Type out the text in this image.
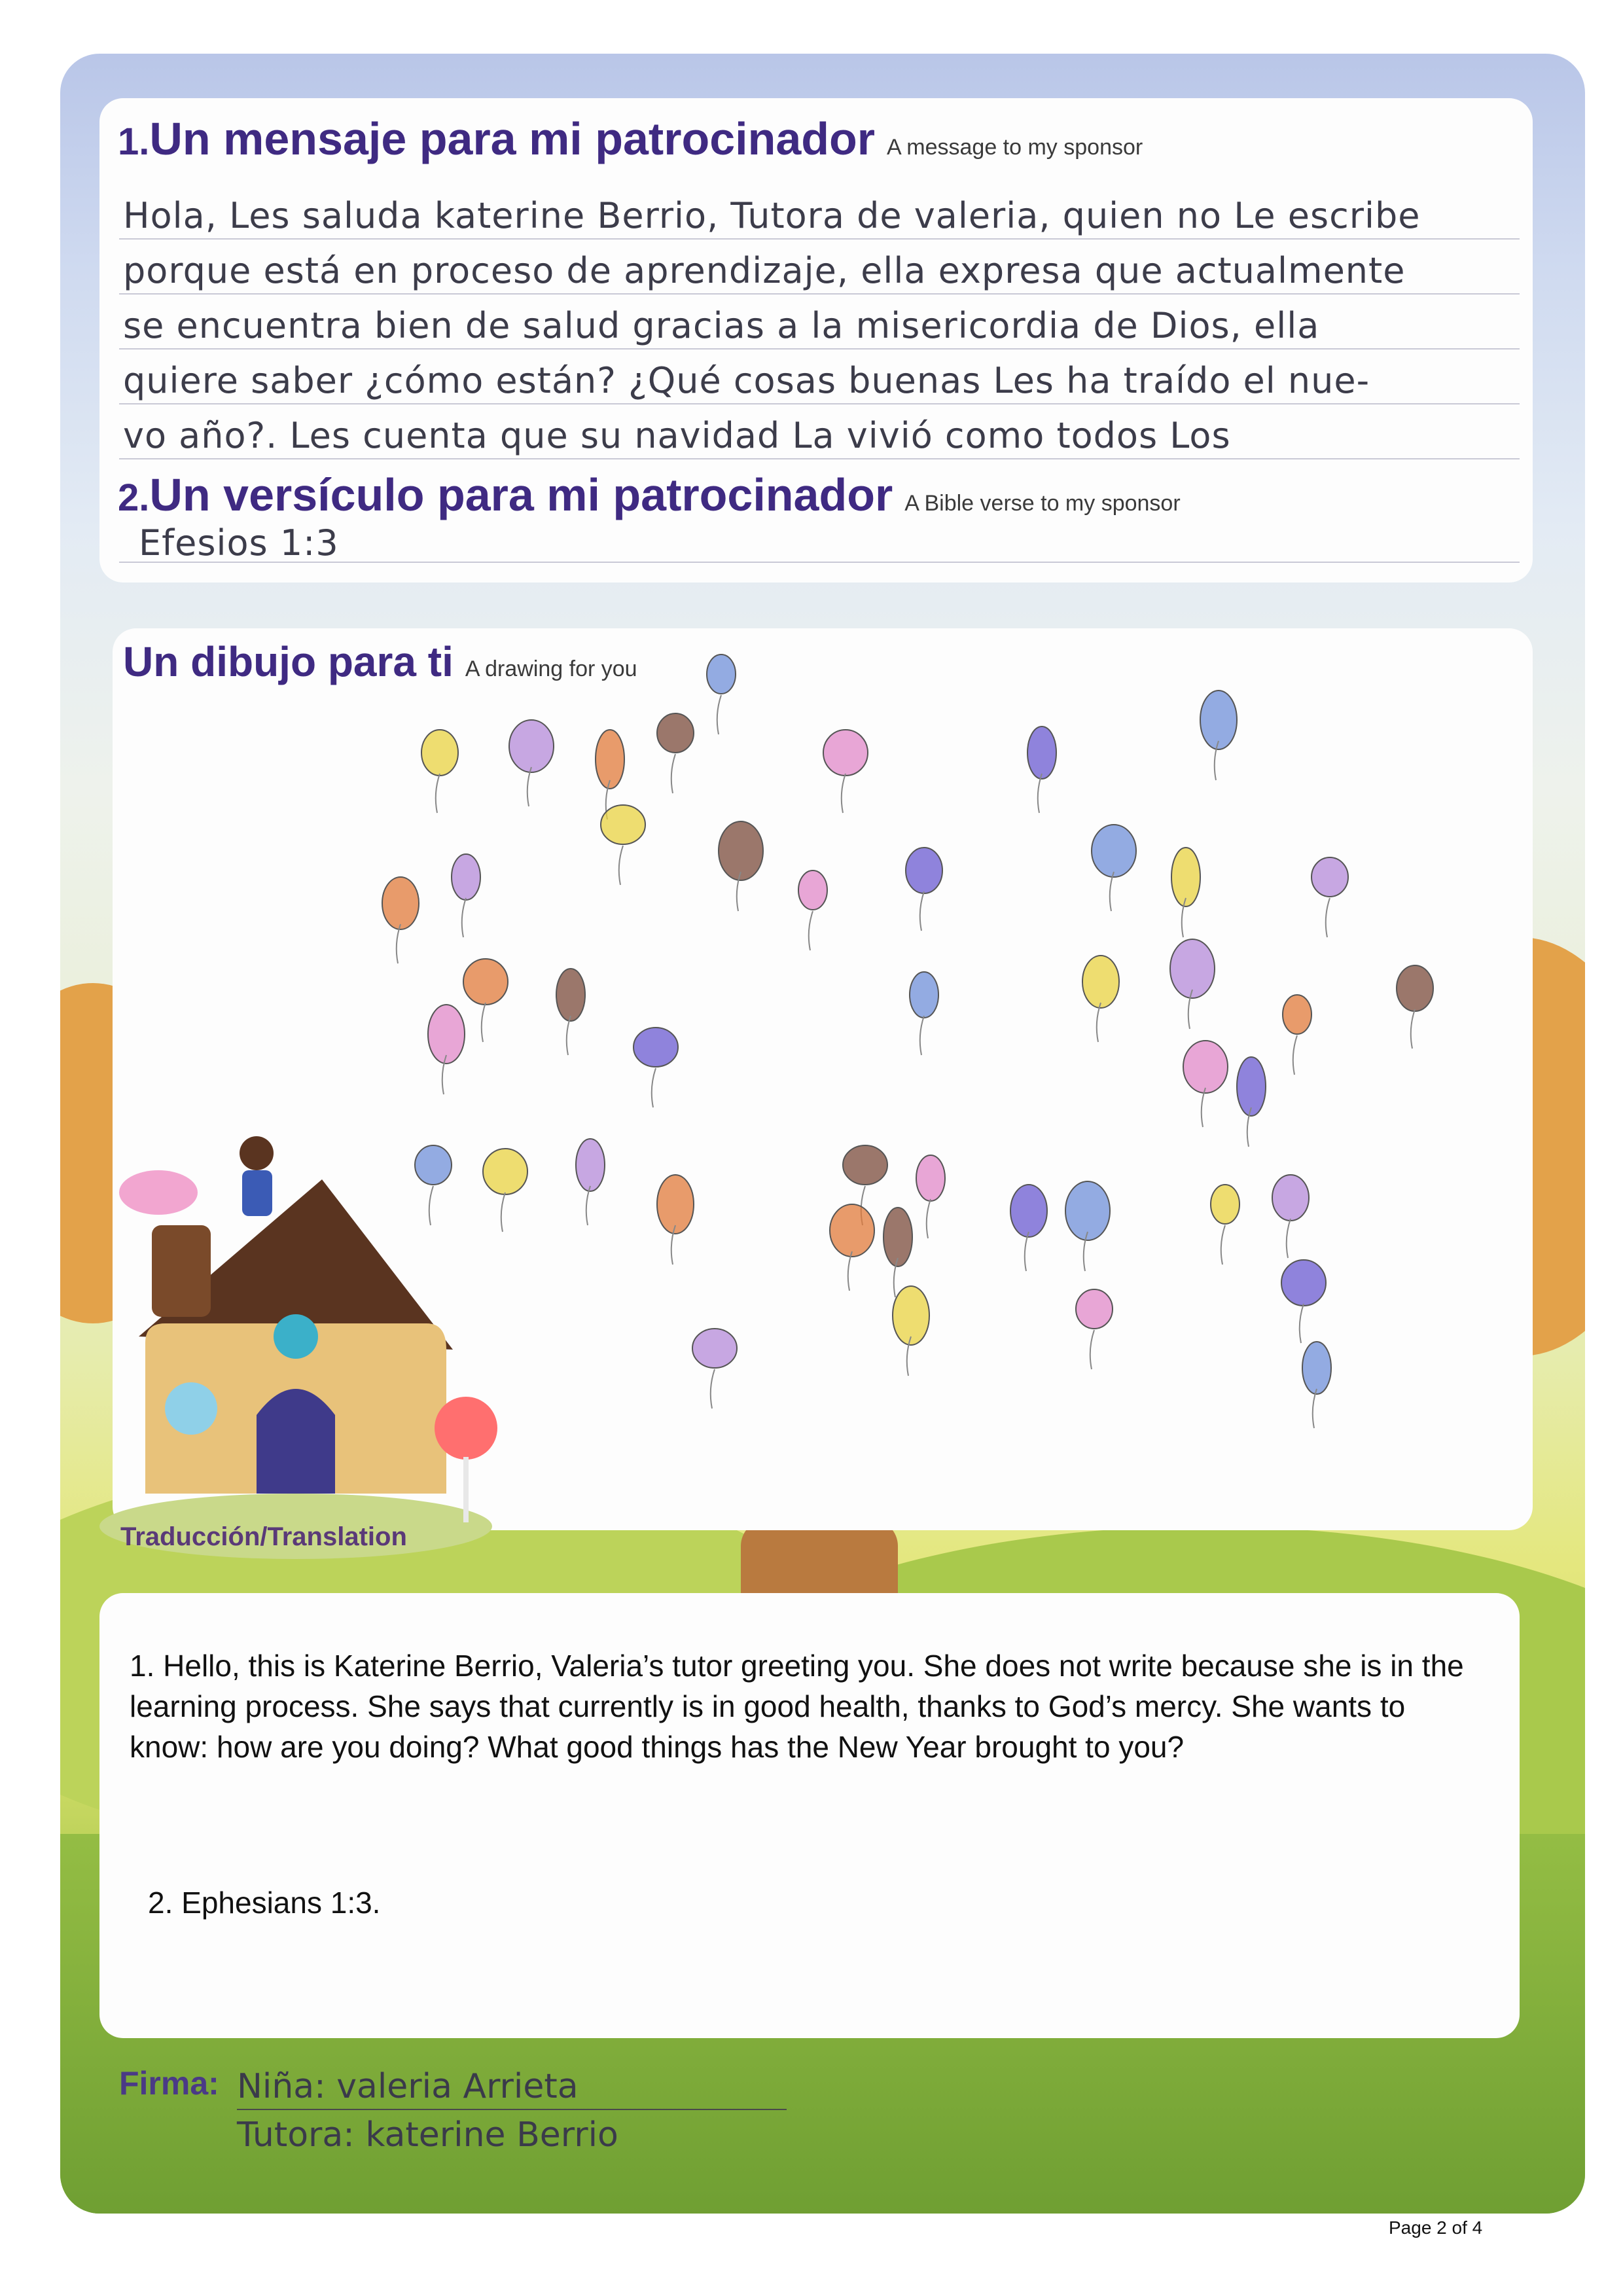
1.Un mensaje para mi patrocinador A message to my sponsor
Hola, Les saluda katerine Berrio, Tutora de valeria, quien no Le escribe
porque está en proceso de aprendizaje, ella expresa que actualmente
se encuentra bien de salud gracias a la misericordia de Dios, ella
quiere saber ¿cómo están? ¿Qué cosas buenas Les ha traído el nue-
vo año?. Les cuenta que su navidad La vivió como todos Los
2.Un versículo para mi patrocinador A Bible verse to my sponsor
Efesios 1:3
Un dibujo para ti A drawing for you
Traducción/Translation
1. Hello, this is Katerine Berrio, Valeria’s tutor greeting you. She does not write because she is in the learning process. She says that currently is in good health, thanks to God’s mercy. She wants to know: how are you doing? What good things has the New Year brought to you?
2. Ephesians 1:3.
Firma: Niña: valeria Arrieta
Tutora: katerine Berrio
Page 2 of 4
